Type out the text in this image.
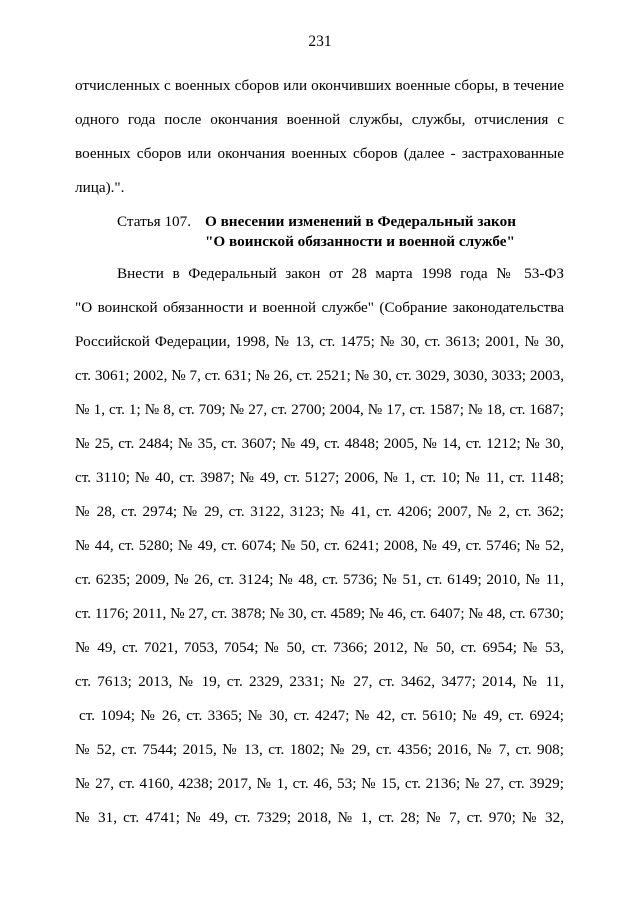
231
отчисленных с военных сборов или окончивших военные сборы, в течение
одного года после окончания военной службы, службы, отчисления с
военных сборов или окончания военных сборов (далее - застрахованные
лица).".
Статья 107. О внесении изменений в Федеральный закон
"О воинской обязанности и военной службе"
Внести в Федеральный закон от 28 марта 1998 года № 53-ФЗ
"О воинской обязанности и военной службе" (Собрание законодательства
Российской Федерации, 1998, № 13, ст. 1475; № 30, ст. 3613; 2001, № 30,
ст. 3061; 2002, № 7, ст. 631; № 26, ст. 2521; № 30, ст. 3029, 3030, 3033; 2003,
№ 1, ст. 1; № 8, ст. 709; № 27, ст. 2700; 2004, № 17, ст. 1587; № 18, ст. 1687;
№ 25, ст. 2484; № 35, ст. 3607; № 49, ст. 4848; 2005, № 14, ст. 1212; № 30,
ст. 3110; № 40, ст. 3987; № 49, ст. 5127; 2006, № 1, ст. 10; № 11, ст. 1148;
№ 28, ст. 2974; № 29, ст. 3122, 3123; № 41, ст. 4206; 2007, № 2, ст. 362;
№ 44, ст. 5280; № 49, ст. 6074; № 50, ст. 6241; 2008, № 49, ст. 5746; № 52,
ст. 6235; 2009, № 26, ст. 3124; № 48, ст. 5736; № 51, ст. 6149; 2010, № 11,
ст. 1176; 2011, № 27, ст. 3878; № 30, ст. 4589; № 46, ст. 6407; № 48, ст. 6730;
№ 49, ст. 7021, 7053, 7054; № 50, ст. 7366; 2012, № 50, ст. 6954; № 53,
ст. 7613; 2013, № 19, ст. 2329, 2331; № 27, ст. 3462, 3477; 2014, № 11,
ст. 1094; № 26, ст. 3365; № 30, ст. 4247; № 42, ст. 5610; № 49, ст. 6924;
№ 52, ст. 7544; 2015, № 13, ст. 1802; № 29, ст. 4356; 2016, № 7, ст. 908;
№ 27, ст. 4160, 4238; 2017, № 1, ст. 46, 53; № 15, ст. 2136; № 27, ст. 3929;
№ 31, ст. 4741; № 49, ст. 7329; 2018, № 1, ст. 28; № 7, ст. 970; № 32,
